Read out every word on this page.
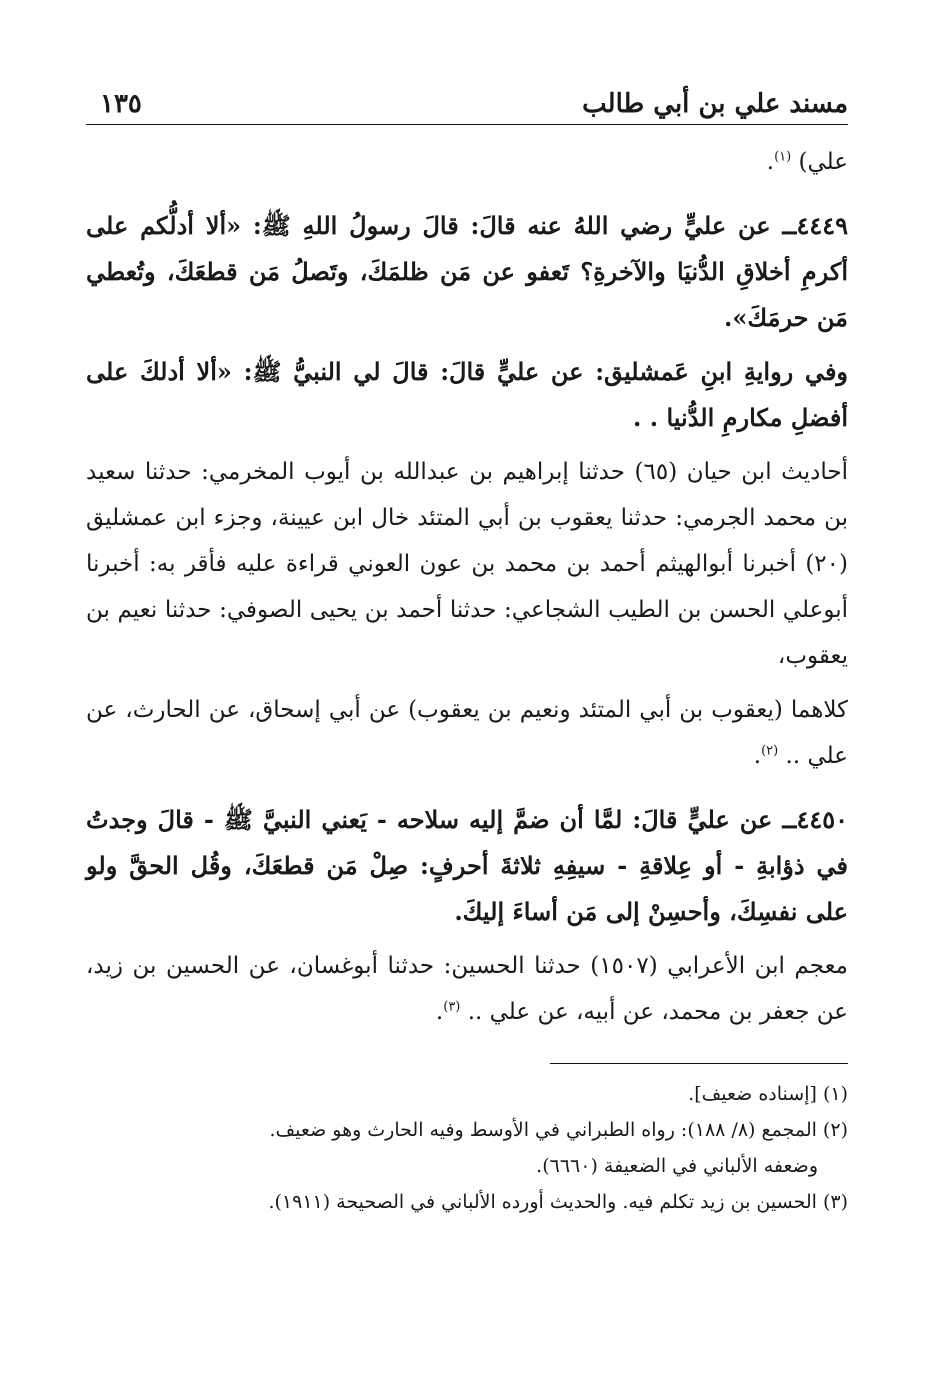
مسند علي بن أبي طالب
١٣٥

علي) $^{(١)}$.

٤٤٤٩ــ عن عليٍّ رضي اللهُ عنه قالَ: قالَ رسولُ اللهِ ﷺ: «ألا أدلُّكم على أكرمِ أخلاقِ الدُّنيَا والآخرةِ؟ تَعفو عن مَن ظلمَكَ، وتَصلُ مَن قطعَكَ، وتُعطي مَن حرمَكَ».

وفي روايةِ ابنِ عَمشليق: عن عليٍّ قالَ: قالَ لي النبيُّ ﷺ: «ألا أدلكَ على أفضلِ مكارمِ الدُّنيا . .

أحاديث ابن حيان (٦٥) حدثنا إبراهيم بن عبدالله بن أيوب المخرمي: حدثنا سعيد بن محمد الجرمي: حدثنا يعقوب بن أبي المتئد خال ابن عيينة، وجزء ابن عمشليق (٢٠) أخبرنا أبوالهيثم أحمد بن محمد بن عون العوني قراءة عليه فأقر به: أخبرنا أبوعلي الحسن بن الطيب الشجاعي: حدثنا أحمد بن يحيى الصوفي: حدثنا نعيم بن يعقوب،

كلاهما (يعقوب بن أبي المتئد ونعيم بن يعقوب) عن أبي إسحاق، عن الحارث، عن علي .. $^{(٢)}$.

٤٤٥٠ــ عن عليٍّ قالَ: لمَّا أن ضمَّ إليه سلاحه - يَعني النبيَّ ﷺ - قالَ وجدتُ في ذؤابةِ - أو عِلاقةِ - سيفِهِ ثلاثةَ أحرفٍ: صِلْ مَن قطعَكَ، وقُل الحقَّ ولو على نفسِكَ، وأحسِنْ إلى مَن أساءَ إليكَ.

معجم ابن الأعرابي (١٥٠٧) حدثنا الحسين: حدثنا أبوغسان، عن الحسين بن زيد، عن جعفر بن محمد، عن أبيه، عن علي .. $^{(٣)}$.

(١) [إسناده ضعيف].

(٢) المجمع (٨/ ١٨٨): رواه الطبراني في الأوسط وفيه الحارث وهو ضعيف.

وضعفه الألباني في الضعيفة (٦٦٦٠).

(٣) الحسين بن زيد تكلم فيه. والحديث أورده الألباني في الصحيحة (١٩١١).
